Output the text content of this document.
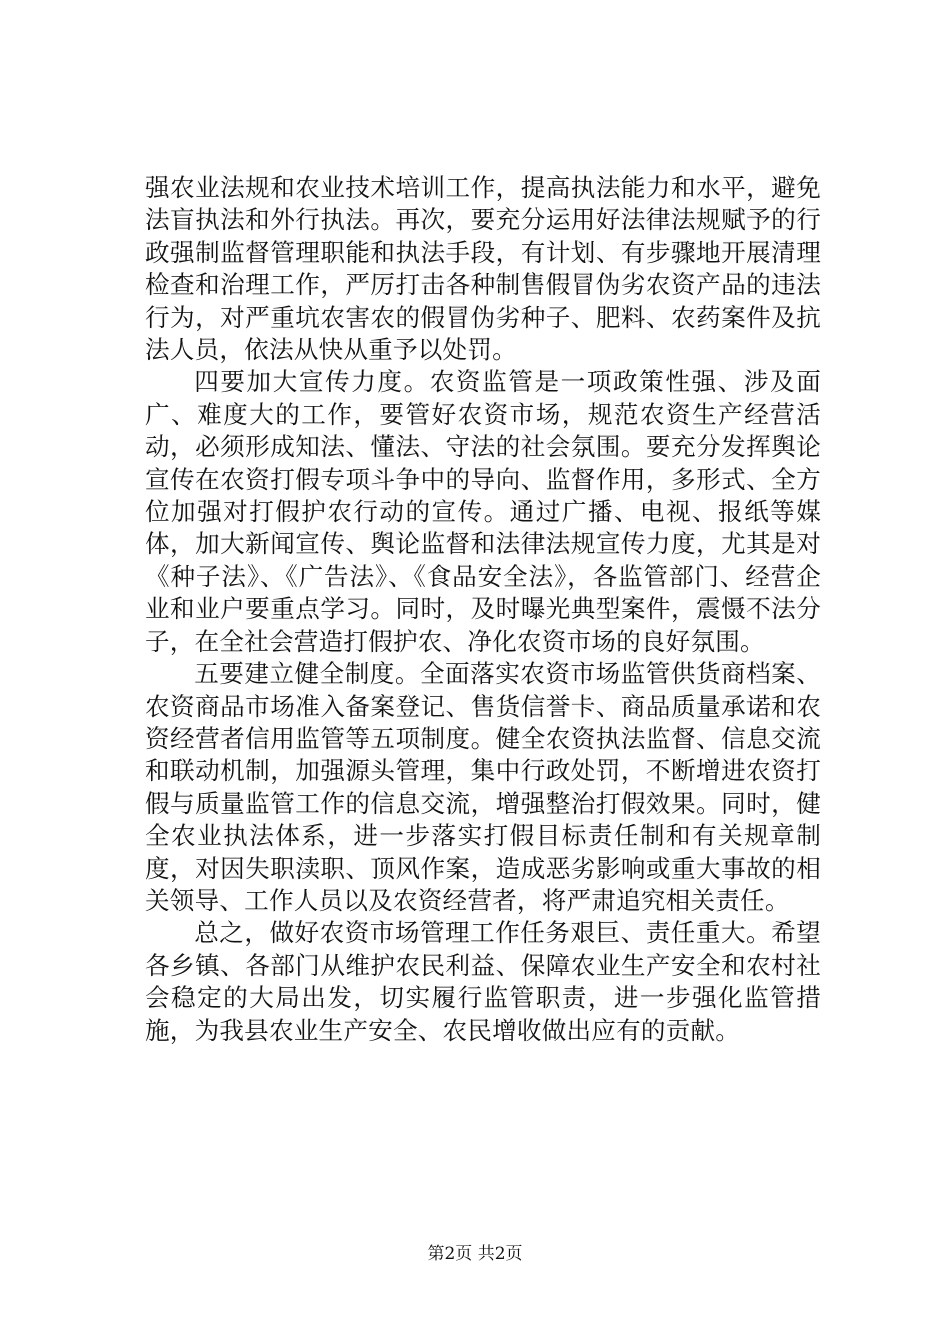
强农业法规和农业技术培训工作，提高执法能力和水平，避免法盲执法和外行执法。再次，要充分运用好法律法规赋予的行政强制监督管理职能和执法手段，有计划、有步骤地开展清理检查和治理工作，严厉打击各种制售假冒伪劣农资产品的违法行为，对严重坑农害农的假冒伪劣种子、肥料、农药案件及抗法人员，依法从快从重予以处罚。

四要加大宣传力度。农资监管是一项政策性强、涉及面广、难度大的工作，要管好农资市场，规范农资生产经营活动，必须形成知法、懂法、守法的社会氛围。要充分发挥舆论宣传在农资打假专项斗争中的导向、监督作用，多形式、全方位加强对打假护农行动的宣传。通过广播、电视、报纸等媒体，加大新闻宣传、舆论监督和法律法规宣传力度，尤其是对《种子法》、《广告法》、《食品安全法》，各监管部门、经营企业和业户要重点学习。同时，及时曝光典型案件，震慑不法分子，在全社会营造打假护农、净化农资市场的良好氛围。

五要建立健全制度。全面落实农资市场监管供货商档案、农资商品市场准入备案登记、售货信誉卡、商品质量承诺和农资经营者信用监管等五项制度。健全农资执法监督、信息交流和联动机制，加强源头管理，集中行政处罚，不断增进农资打假与质量监管工作的信息交流，增强整治打假效果。同时，健全农业执法体系，进一步落实打假目标责任制和有关规章制度，对因失职渎职、顶风作案，造成恶劣影响或重大事故的相关领导、工作人员以及农资经营者，将严肃追究相关责任。

总之，做好农资市场管理工作任务艰巨、责任重大。希望各乡镇、各部门从维护农民利益、保障农业生产安全和农村社会稳定的大局出发，切实履行监管职责，进一步强化监管措施，为我县农业生产安全、农民增收做出应有的贡献。

第2页 共2页
